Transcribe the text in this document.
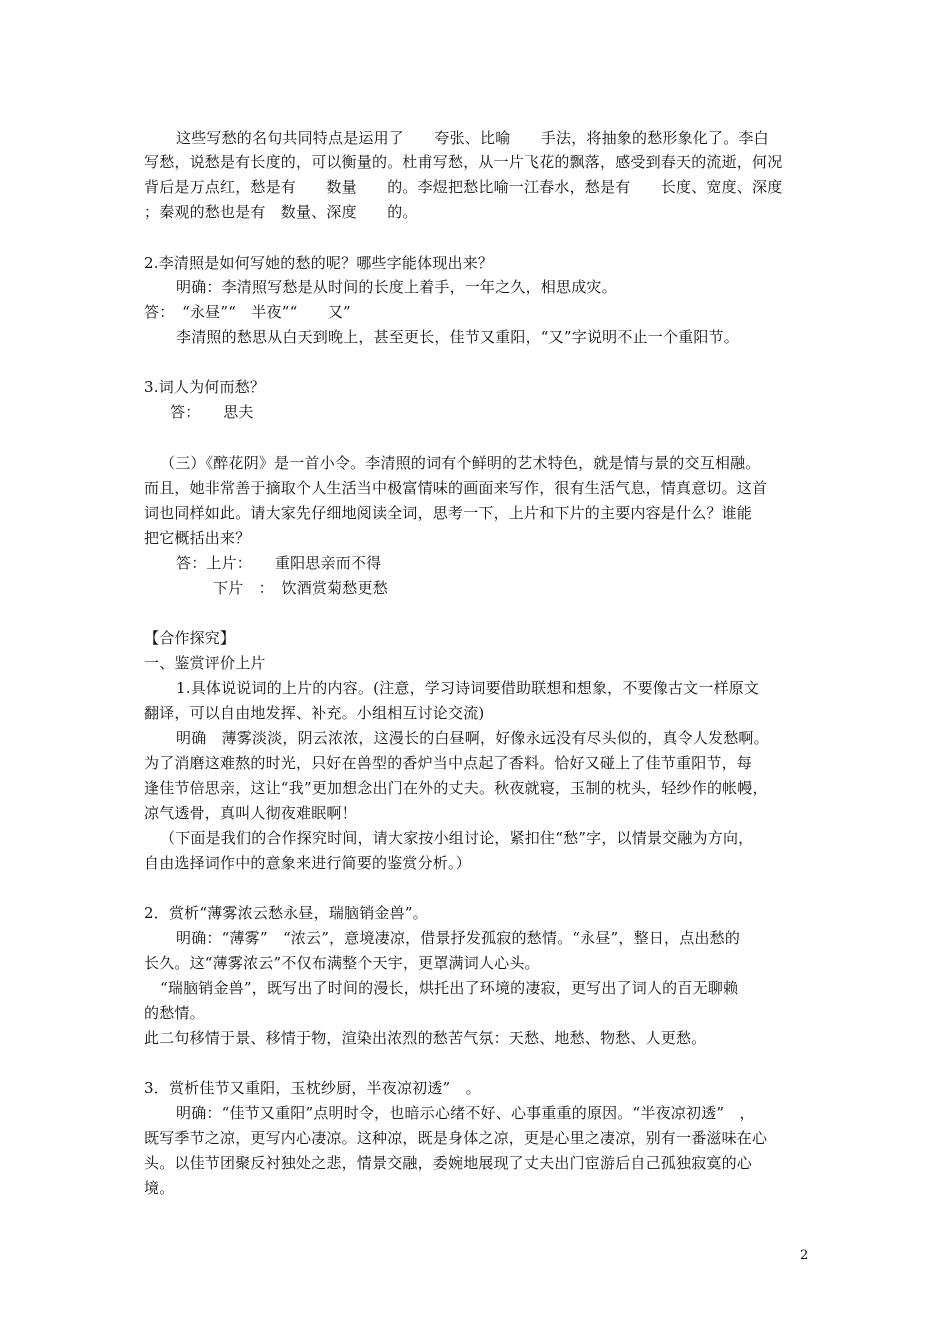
这些写愁的名句共同特点是运用了　　夸张、比喻　　手法，将抽象的愁形象化了。李白
写愁，说愁是有长度的，可以衡量的。杜甫写愁，从一片飞花的飘落，感受到春天的流逝，何况
背后是万点红，愁是有　　数量　　的。李煜把愁比喻一江春水，愁是有　　长度、宽度、深度
；秦观的愁也是有　数量、深度　　的。
2.李清照是如何写她的愁的呢？哪些字能体现出来？
明确：李清照写愁是从时间的长度上着手，一年之久，相思成灾。
答：　“永昼”“　半夜”“　　又”
李清照的愁思从白天到晚上，甚至更长，佳节又重阳，“又”字说明不止一个重阳节。
3.词人为何而愁？
答：　　思夫
（三）《醉花阴》是一首小令。李清照的词有个鲜明的艺术特色，就是情与景的交互相融。
而且，她非常善于摘取个人生活当中极富情味的画面来写作，很有生活气息，情真意切。这首
词也同样如此。请大家先仔细地阅读全词，思考一下，上片和下片的主要内容是什么？谁能
把它概括出来？
答：上片：　　重阳思亲而不得
下片　：　饮酒赏菊愁更愁
【合作探究】
一、鉴赏评价上片
1.具体说说词的上片的内容。(注意，学习诗词要借助联想和想象，不要像古文一样原文
翻译，可以自由地发挥、补充。小组相互讨论交流)
明确　薄雾淡淡，阴云浓浓，这漫长的白昼啊，好像永远没有尽头似的，真令人发愁啊。
为了消磨这难熬的时光，只好在兽型的香炉当中点起了香料。恰好又碰上了佳节重阳节，每
逢佳节倍思亲，这让“我”更加想念出门在外的丈夫。秋夜就寝，玉制的枕头，轻纱作的帐幔，
凉气透骨，真叫人彻夜难眠啊！
（下面是我们的合作探究时间，请大家按小组讨论，紧扣住“愁”字，以情景交融为方向，
自由选择词作中的意象来进行简要的鉴赏分析。）
2．赏析“薄雾浓云愁永昼，瑞脑销金兽”。
明确：“薄雾”　“浓云”，意境凄凉，借景抒发孤寂的愁情。“永昼”，整日，点出愁的
长久。这“薄雾浓云”不仅布满整个天宇，更罩满词人心头。
“瑞脑销金兽”，既写出了时间的漫长，烘托出了环境的凄寂，更写出了词人的百无聊赖
的愁情。
此二句移情于景、移情于物，渲染出浓烈的愁苦气氛：天愁、地愁、物愁、人更愁。
3．赏析佳节又重阳，玉枕纱厨，半夜凉初透”　。
明确：“佳节又重阳”点明时令，也暗示心绪不好、心事重重的原因。“半夜凉初透”　，
既写季节之凉，更写内心凄凉。这种凉，既是身体之凉，更是心里之凄凉，别有一番滋味在心
头。以佳节团聚反衬独处之悲，情景交融，委婉地展现了丈夫出门宦游后自己孤独寂寞的心
境。
2
